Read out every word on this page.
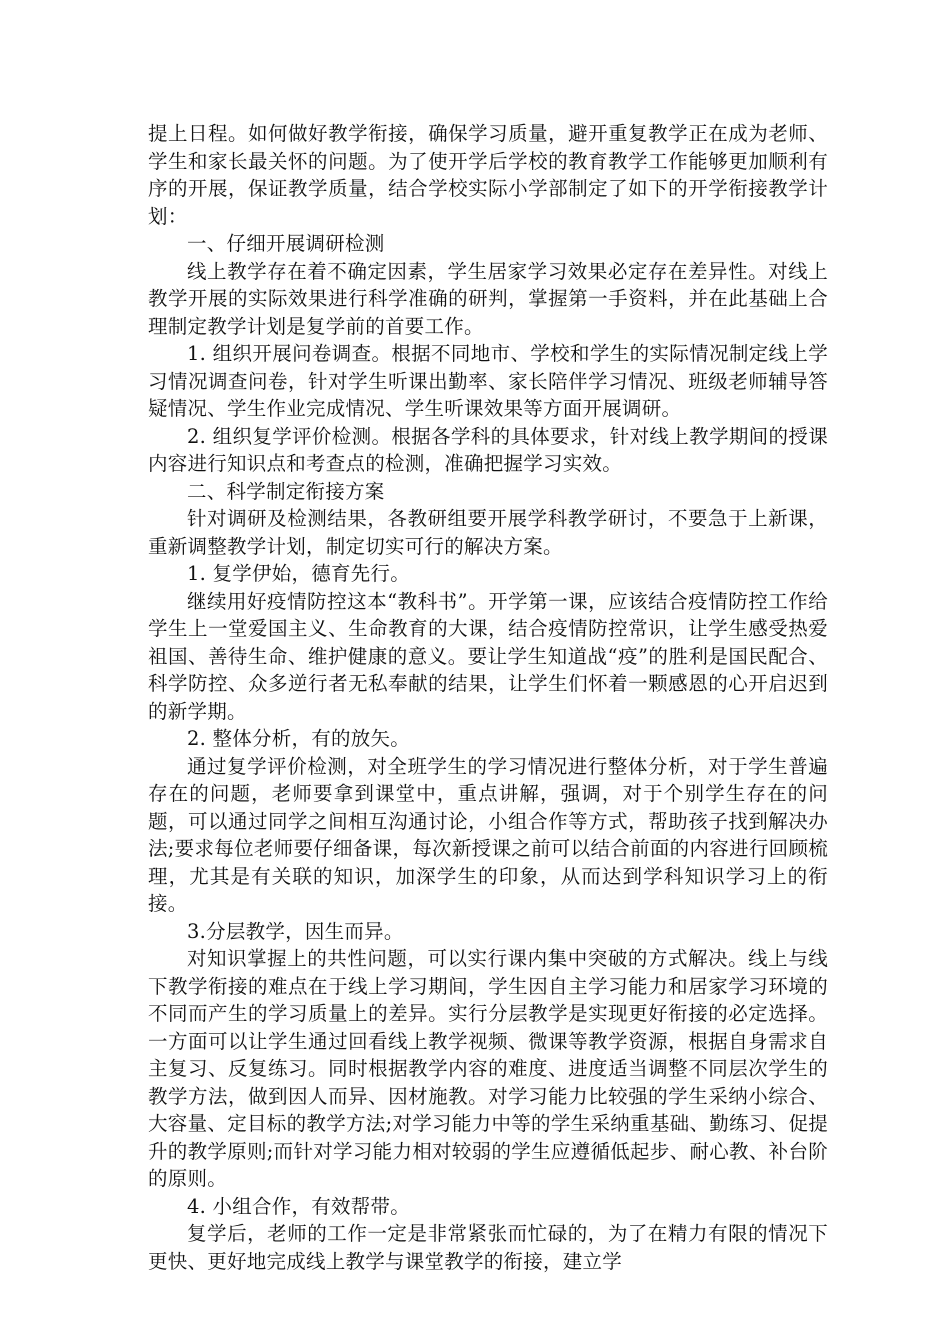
提上日程。如何做好教学衔接，确保学习质量，避开重复教学正在成为老师、学生和家长最关怀的问题。为了使开学后学校的教育教学工作能够更加顺利有序的开展，保证教学质量，结合学校实际小学部制定了如下的开学衔接教学计划：

一、仔细开展调研检测

线上教学存在着不确定因素，学生居家学习效果必定存在差异性。对线上教学开展的实际效果进行科学准确的研判，掌握第一手资料，并在此基础上合理制定教学计划是复学前的首要工作。

1. 组织开展问卷调查。根据不同地市、学校和学生的实际情况制定线上学习情况调查问卷，针对学生听课出勤率、家长陪伴学习情况、班级老师辅导答疑情况、学生作业完成情况、学生听课效果等方面开展调研。

2. 组织复学评价检测。根据各学科的具体要求，针对线上教学期间的授课内容进行知识点和考查点的检测，准确把握学习实效。

二、科学制定衔接方案

针对调研及检测结果，各教研组要开展学科教学研讨，不要急于上新课，重新调整教学计划，制定切实可行的解决方案。

1. 复学伊始，德育先行。

继续用好疫情防控这本“教科书”。开学第一课，应该结合疫情防控工作给学生上一堂爱国主义、生命教育的大课，结合疫情防控常识，让学生感受热爱祖国、善待生命、维护健康的意义。要让学生知道战“疫”的胜利是国民配合、科学防控、众多逆行者无私奉献的结果，让学生们怀着一颗感恩的心开启迟到的新学期。

2. 整体分析，有的放矢。

通过复学评价检测，对全班学生的学习情况进行整体分析，对于学生普遍存在的问题，老师要拿到课堂中，重点讲解，强调，对于个别学生存在的问题，可以通过同学之间相互沟通讨论，小组合作等方式，帮助孩子找到解决办法;要求每位老师要仔细备课，每次新授课之前可以结合前面的内容进行回顾梳理，尤其是有关联的知识，加深学生的印象，从而达到学科知识学习上的衔接。

3.分层教学，因生而异。

对知识掌握上的共性问题，可以实行课内集中突破的方式解决。线上与线下教学衔接的难点在于线上学习期间，学生因自主学习能力和居家学习环境的不同而产生的学习质量上的差异。实行分层教学是实现更好衔接的必定选择。一方面可以让学生通过回看线上教学视频、微课等教学资源，根据自身需求自主复习、反复练习。同时根据教学内容的难度、进度适当调整不同层次学生的教学方法，做到因人而异、因材施教。对学习能力比较强的学生采纳小综合、大容量、定目标的教学方法;对学习能力中等的学生采纳重基础、勤练习、促提升的教学原则;而针对学习能力相对较弱的学生应遵循低起步、耐心教、补台阶的原则。

4. 小组合作，有效帮带。

复学后，老师的工作一定是非常紧张而忙碌的，为了在精力有限的情况下更快、更好地完成线上教学与课堂教学的衔接，建立学
